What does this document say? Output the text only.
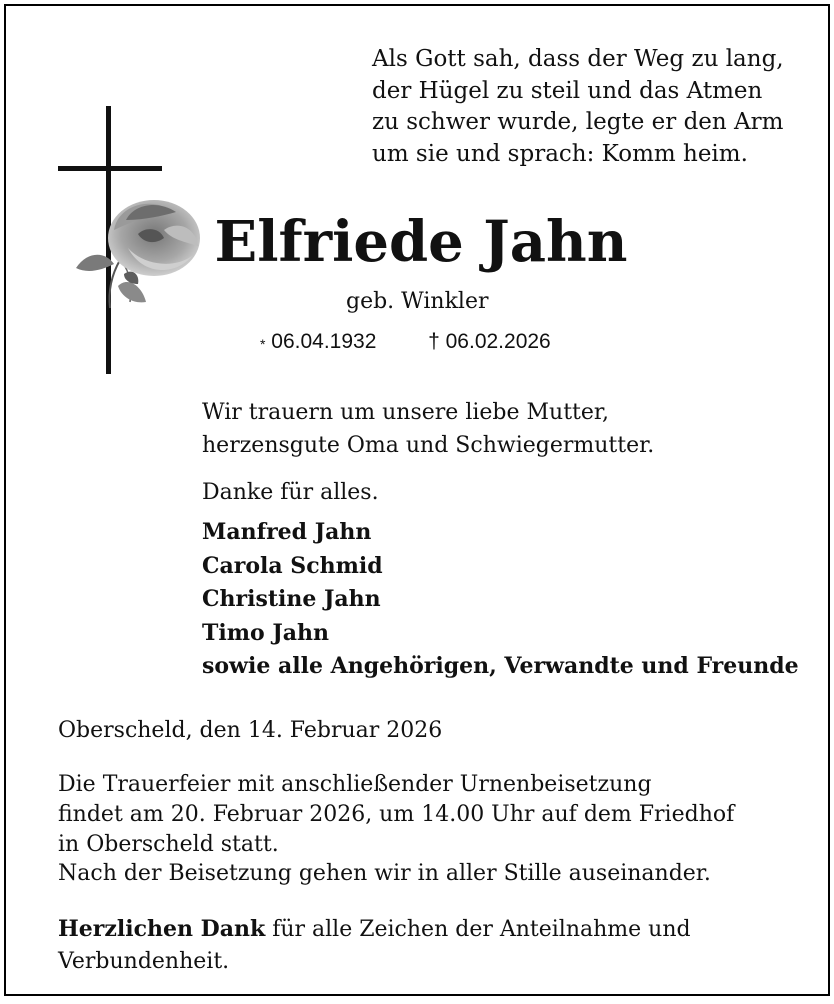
Als Gott sah, dass der Weg zu lang,
der Hügel zu steil und das Atmen
zu schwer wurde, legte er den Arm
um sie und sprach: Komm heim.
Elfriede Jahn
geb. Winkler
* 06.04.1932 † 06.02.2026
Wir trauern um unsere liebe Mutter,
herzensgute Oma und Schwiegermutter.
Danke für alles.
Manfred Jahn
Carola Schmid
Christine Jahn
Timo Jahn
sowie alle Angehörigen, Verwandte und Freunde
Oberscheld, den 14. Februar 2026
Die Trauerfeier mit anschließender Urnenbeisetzung
findet am 20. Februar 2026, um 14.00 Uhr auf dem Friedhof
in Oberscheld statt.
Nach der Beisetzung gehen wir in aller Stille auseinander.
Herzlichen Dank für alle Zeichen der Anteilnahme und
Verbundenheit.
